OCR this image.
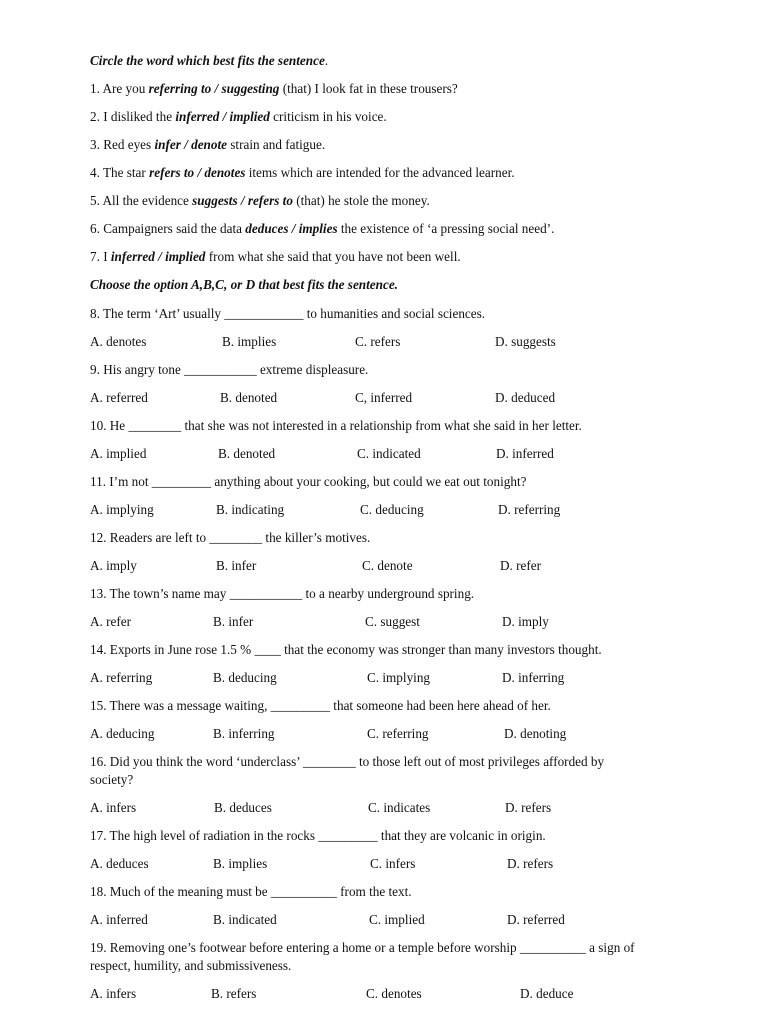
Circle the word which best fits the sentence.
1. Are you referring to / suggesting (that) I look fat in these trousers?
2. I disliked the inferred / implied criticism in his voice.
3. Red eyes infer / denote strain and fatigue.
4. The star refers to / denotes items which are intended for the advanced learner.
5. All the evidence suggests / refers to (that) he stole the money.
6. Campaigners said the data deduces / implies the existence of ‘a pressing social need’.
7. I inferred / implied from what she said that you have not been well.
Choose the option A,B,C, or D that best fits the sentence.
8. The term ‘Art’ usually ____________ to humanities and social sciences.
A. denotes	B. implies	C. refers	D. suggests
9. His angry tone ___________ extreme displeasure.
A. referred	B. denoted	C, inferred	D. deduced
10. He ________ that she was not interested in a relationship from what she said in her letter.
A. implied	B. denoted	C. indicated	D. inferred
11. I’m not _________ anything about your cooking, but could we eat out tonight?
A. implying	B. indicating	C. deducing	D. referring
12. Readers are left to ________ the killer’s motives.
A. imply	B. infer	C. denote	D. refer
13. The town’s name may ___________ to a nearby underground spring.
A. refer	B. infer	C. suggest	D. imply
14. Exports in June rose 1.5 % ____ that the economy was stronger than many investors thought.
A. referring	B. deducing	C. implying	D. inferring
15. There was a message waiting, _________ that someone had been here ahead of her.
A. deducing	B. inferring	C. referring	D. denoting
16. Did you think the word ‘underclass’ ________ to those left out of most privileges afforded by society?
A. infers	B. deduces	C. indicates	D. refers
17. The high level of radiation in the rocks _________ that they are volcanic in origin.
A. deduces	B. implies	C. infers	D. refers
18. Much of the meaning must be __________ from the text.
A. inferred	B. indicated	C. implied	D. referred
19. Removing one’s footwear before entering a home or a temple before worship __________ a sign of respect, humility, and submissiveness.
A. infers	B. refers	C. denotes	D. deduce
